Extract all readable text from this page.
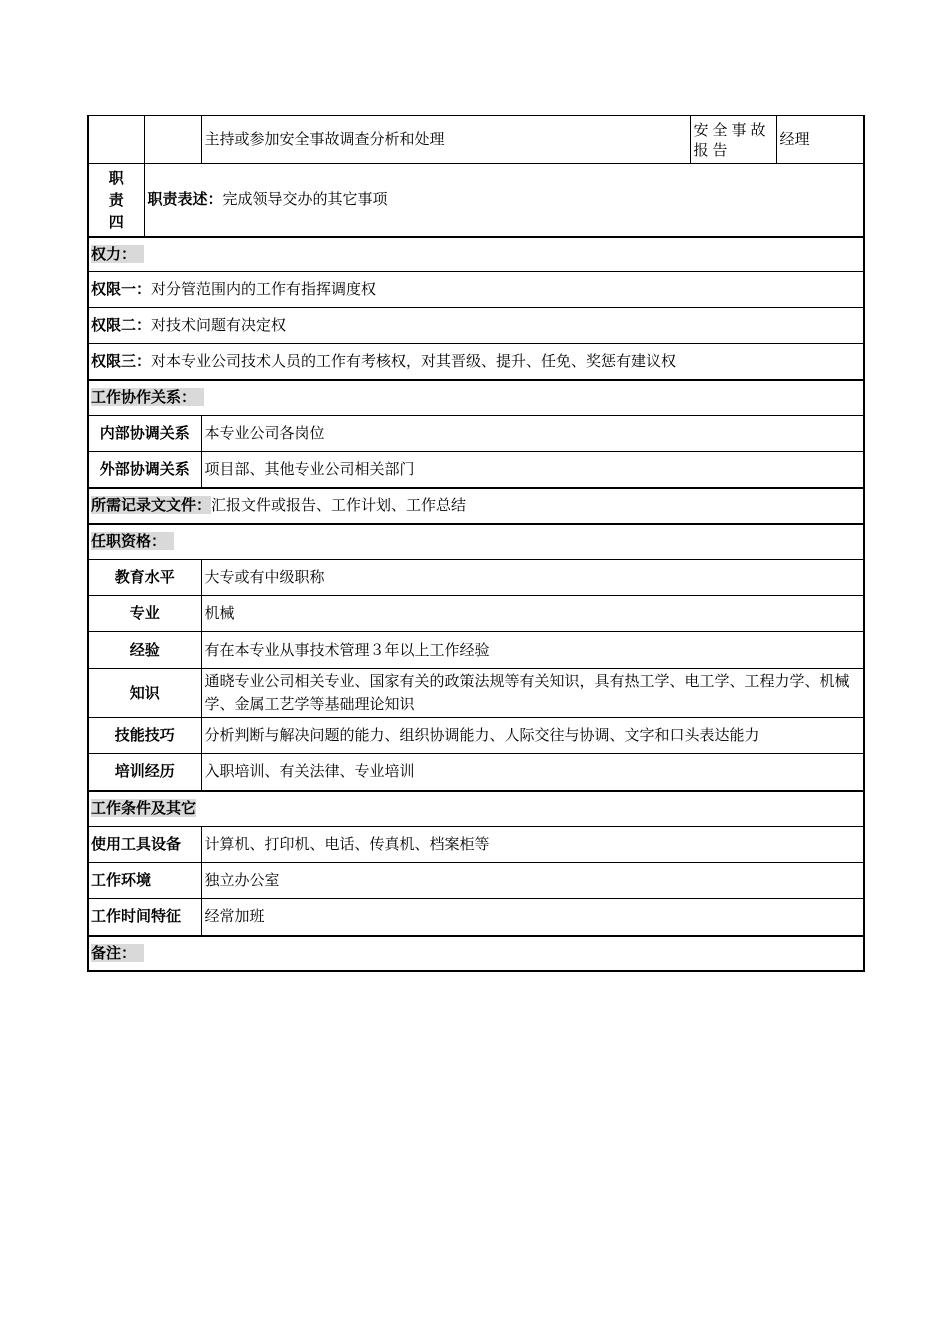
		主持或参加安全事故调查分析和处理	安全事故报告	经理

职
责
四	职责表述：完成领导交办的其它事项			
权力：				
权限一：对分管范围内的工作有指挥调度权				
权限二：对技术问题有决定权				
权限三：对本专业公司技术人员的工作有考核权，对其晋级、提升、任免、奖惩有建议权				
工作协作关系：				
内部协调关系		本专业公司各岗位		
外部协调关系		项目部、其他专业公司相关部门		
所需记录文文件：汇报文件或报告、工作计划、工作总结				
任职资格：				
教育水平		大专或有中级职称		
专业		机械		
经验		有在本专业从事技术管理３年以上工作经验		
知识		通晓专业公司相关专业、国家有关的政策法规等有关知识，具有热工学、电工学、工程力学、机械学、金属工艺学等基础理论知识		
技能技巧		分析判断与解决问题的能力、组织协调能力、人际交往与协调、文字和口头表达能力		
培训经历		入职培训、有关法律、专业培训		
工作条件及其它				
使用工具设备		计算机、打印机、电话、传真机、档案柜等		
工作环境		独立办公室		
工作时间特征		经常加班		
备注：				
